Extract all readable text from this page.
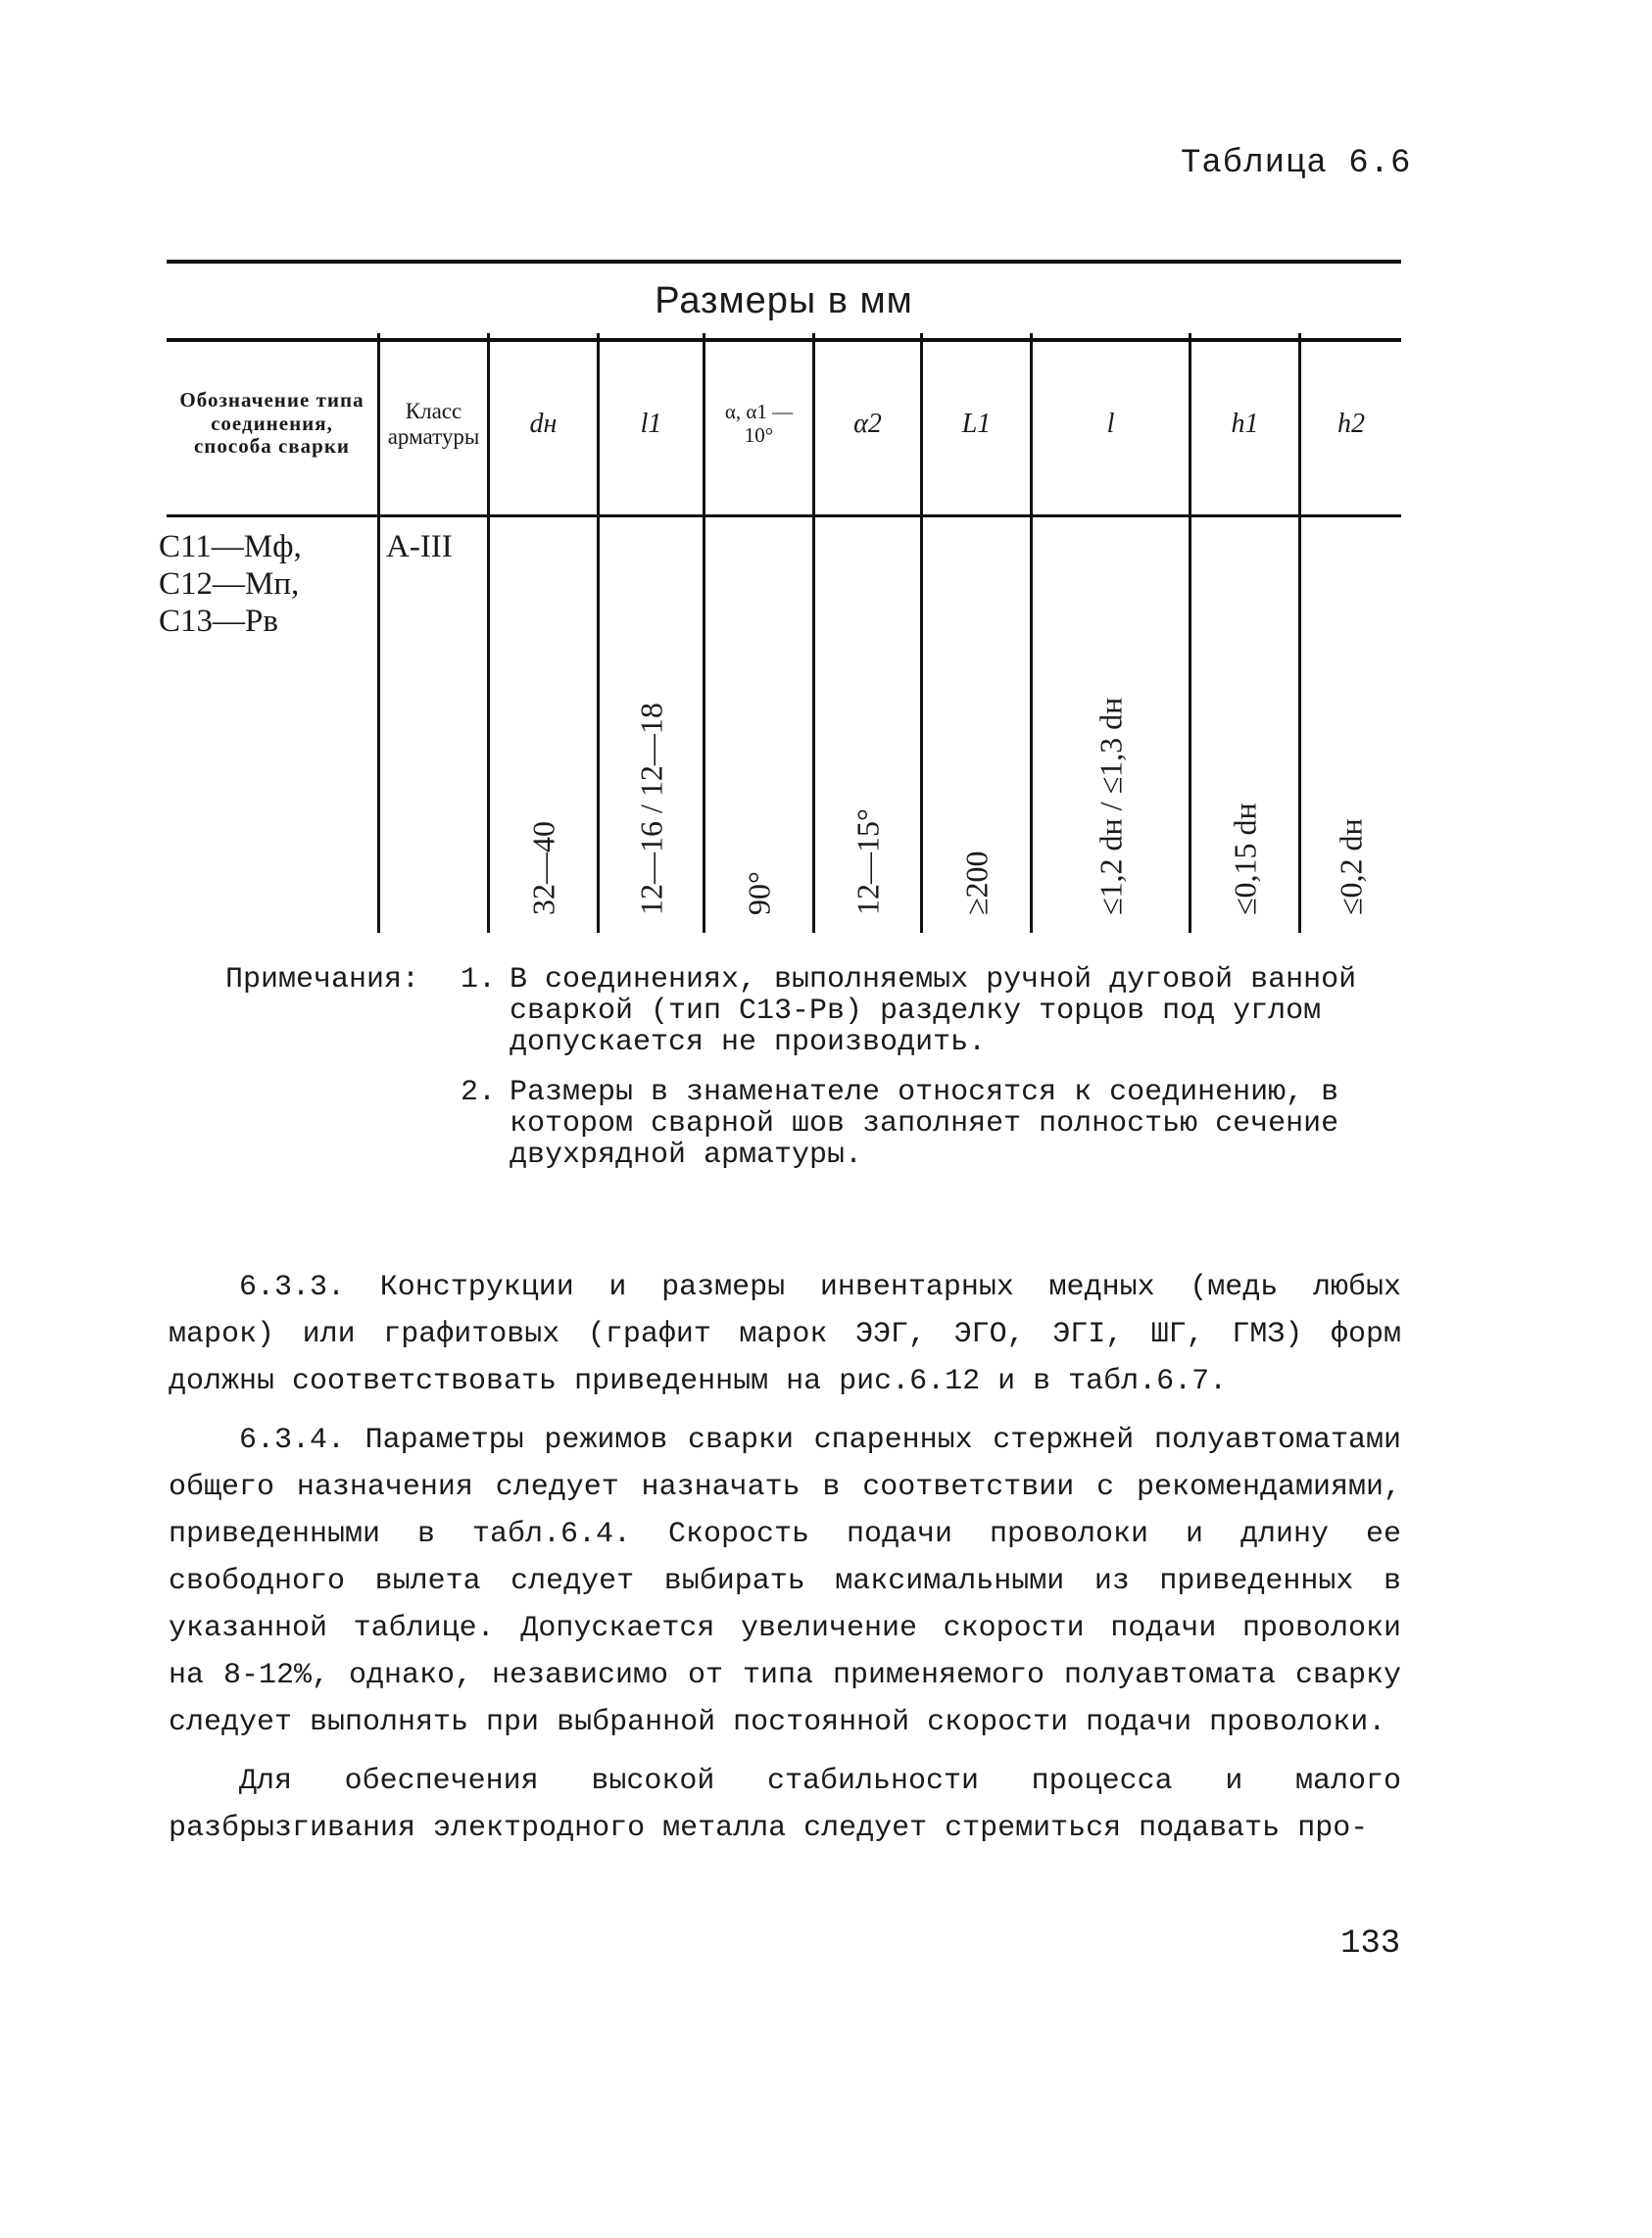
Таблица 6.6
Размеры в мм
Обозначение типа соединения, способа сварки
С11—Мф,
С12—Мп,
С13—Рв
Класс арматуры
А-III
dн
32—40
l1
12—16 / 12—18
α, α1 —10°
90°
α2
12—15°
L1
≥200
l
≤1,2 dн / ≤1,3 dн
h1
≤0,15 dн
h2
≤0,2 dн
Примечания:	1. В соединениях, выполняемых ручной дуговой ванной сваркой (тип С13-Рв) разделку торцов под углом допускается не производить.
2. Размеры в знаменателе относятся к соединению, в котором сварной шов заполняет полностью сечение двухрядной арматуры.

6.3.3. Конструкции и размеры инвентарных медных (медь любых марок) или графитовых (графит марок ЭЭГ, ЭГО, ЭГI, ШГ, ГМЗ) форм должны соответствовать приведенным на рис.6.12 и в табл.6.7.

6.3.4. Параметры режимов сварки спаренных стержней полуавтоматами общего назначения следует назначать в соответствии с рекомендамиями, приведенными в табл.6.4. Скорость подачи проволоки и длину ее свободного вылета следует выбирать максимальными из приведенных в указанной таблице. Допускается увеличение скорости подачи проволоки на 8-12%, однако, независимо от типа применяемого полуавтомата сварку следует выполнять при выбранной постоянной скорости подачи проволоки.

Для обеспечения высокой стабильности процесса и малого разбрызгивания электродного металла следует стремиться подавать про-

133
